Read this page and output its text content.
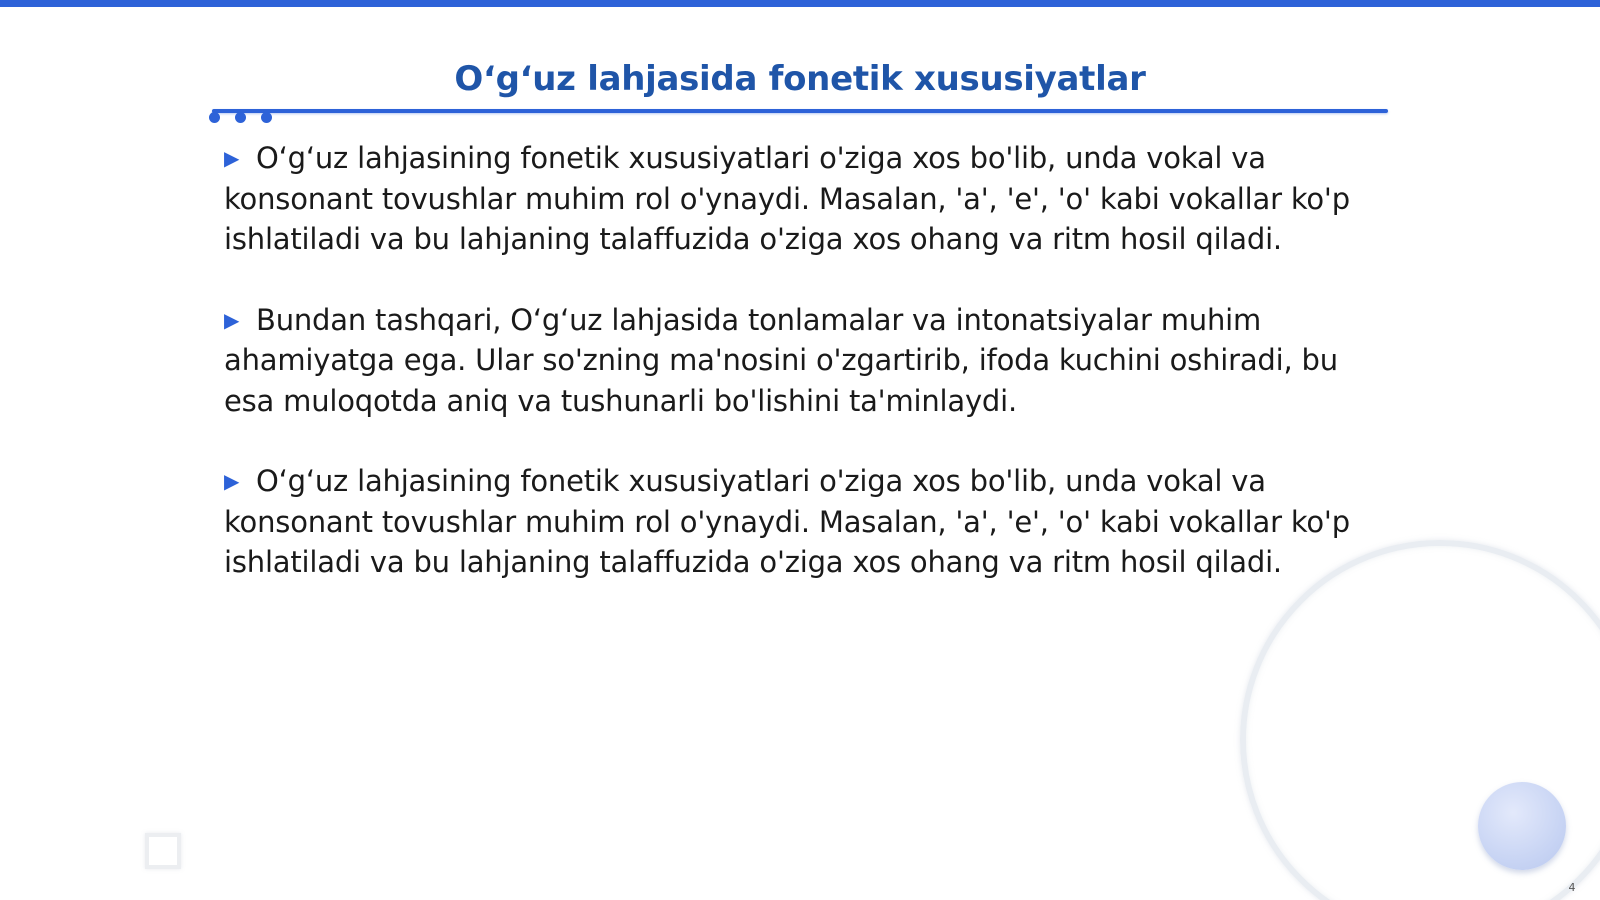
O‘g‘uz lahjasida fonetik xususiyatlar
▶ O‘g‘uz lahjasining fonetik xususiyatlari o'ziga xos bo'lib, unda vokal va konsonant tovushlar muhim rol o'ynaydi. Masalan, 'a', 'e', 'o' kabi vokallar ko'p ishlatiladi va bu lahjaning talaffuzida o'ziga xos ohang va ritm hosil qiladi.
▶ Bundan tashqari, O‘g‘uz lahjasida tonlamalar va intonatsiyalar muhim ahamiyatga ega. Ular so'zning ma'nosini o'zgartirib, ifoda kuchini oshiradi, bu esa muloqotda aniq va tushunarli bo'lishini ta'minlaydi.
▶ O‘g‘uz lahjasining fonetik xususiyatlari o'ziga xos bo'lib, unda vokal va konsonant tovushlar muhim rol o'ynaydi. Masalan, 'a', 'e', 'o' kabi vokallar ko'p ishlatiladi va bu lahjaning talaffuzida o'ziga xos ohang va ritm hosil qiladi.
4
